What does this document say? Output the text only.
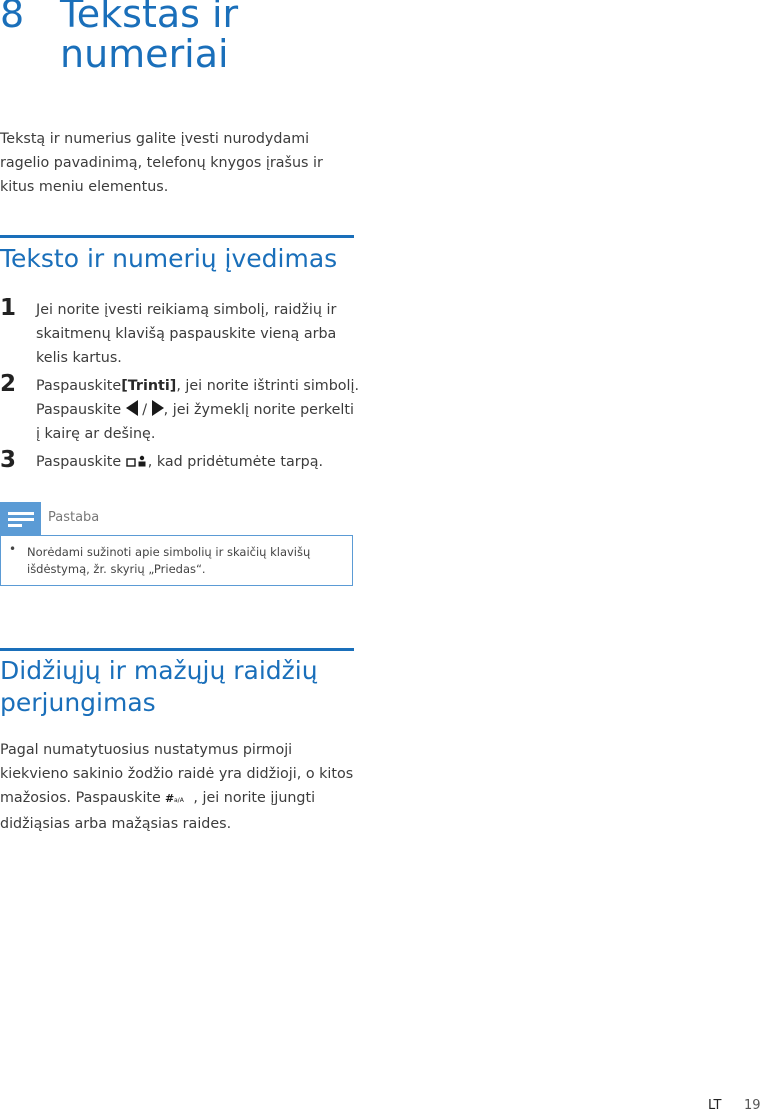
8 Tekstas ir numeriai

Tekstą ir numerius galite įvesti nurodydami ragelio pavadinimą, telefonų knygos įrašus ir kitus meniu elementus.

Teksto ir numerių įvedimas
1 Jei norite įvesti reikiamą simbolį, raidžių ir skaitmenų klavišą paspauskite vieną arba kelis kartus.
2 Paspauskite[Trinti], jei norite ištrinti simbolį. Paspauskite / , jei žymeklį norite perkelti į kairę ar dešinę.
3 Paspauskite , kad pridėtumėte tarpą.
Pastaba
• Norėdami sužinoti apie simbolių ir skaičių klavišų išdėstymą, žr. skyrių „Priedas“.
Didžiųjų ir mažųjų raidžių perjungimas

Pagal numatytuosius nustatymus pirmoji kiekvieno sakinio žodžio raidė yra didžioji, o kitos mažosios. Paspauskite # a/A , jei norite įjungti didžiąsias arba mažąsias raides.

LT 19
